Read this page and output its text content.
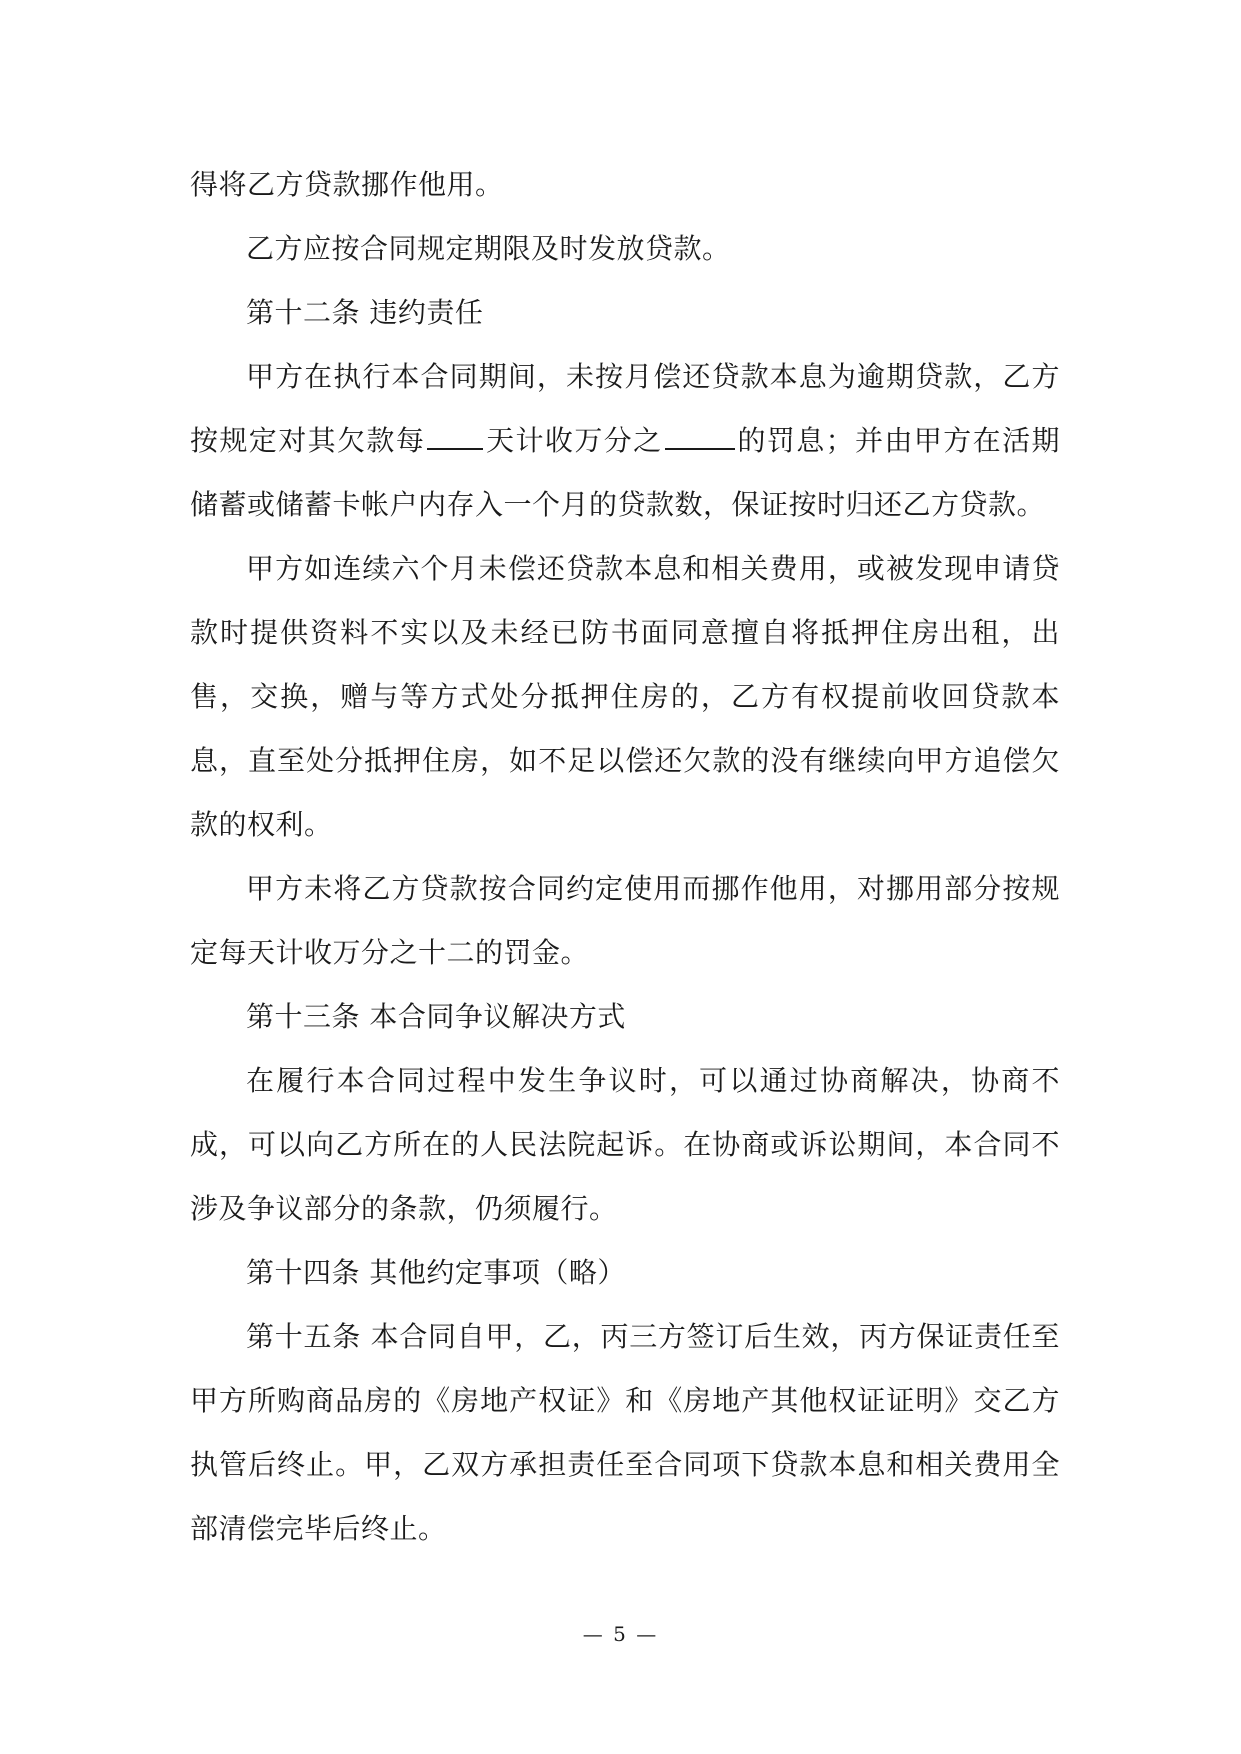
得将乙方贷款挪作他用。

乙方应按合同规定期限及时发放贷款。

第十二条 违约责任

甲方在执行本合同期间，未按月偿还贷款本息为逾期贷款，乙方按规定对其欠款每 天计收万分之	的罚息；并由甲方在活期储蓄或储蓄卡帐户内存入一个月的贷款数，保证按时归还乙方贷款。

甲方如连续六个月未偿还贷款本息和相关费用，或被发现申请贷款时提供资料不实以及未经已防书面同意擅自将抵押住房出租，出售，交换，赠与等方式处分抵押住房的，乙方有权提前收回贷款本息，直至处分抵押住房，如不足以偿还欠款的没有继续向甲方追偿欠款的权利。

甲方未将乙方贷款按合同约定使用而挪作他用，对挪用部分按规定每天计收万分之十二的罚金。

第十三条 本合同争议解决方式

在履行本合同过程中发生争议时，可以通过协商解决，协商不成，可以向乙方所在的人民法院起诉。在协商或诉讼期间，本合同不涉及争议部分的条款，仍须履行。

第十四条 其他约定事项（略）

第十五条 本合同自甲，乙，丙三方签订后生效，丙方保证责任至甲方所购商品房的《房地产权证》和《房地产其他权证证明》交乙方执管后终止。甲，乙双方承担责任至合同项下贷款本息和相关费用全部清偿完毕后终止。

— 5 —
